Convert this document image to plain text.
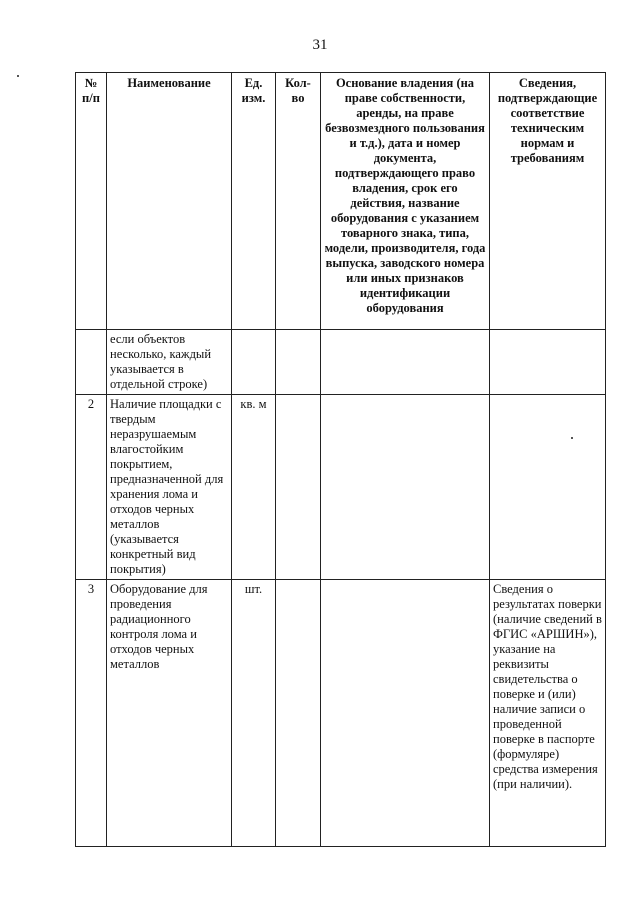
31
№ п/п	Наименование	Ед. изм.	Кол-во	Основание владения (на праве собственности, аренды, на праве безвозмездного пользования и т.д.), дата и номер документа, подтверждающего право владения, срок его действия, название оборудования с указанием товарного знака, типа, модели, производителя, года выпуска, заводского номера или иных признаков идентификации оборудования	Сведения, подтверждающие соответствие техническим нормам и требованиям
	если объектов несколько, каждый указывается в отдельной строке)				
2	Наличие площадки с твердым неразрушаемым влагостойким покрытием, предназначенной для хранения лома и отходов черных металлов (указывается конкретный вид покрытия)	кв. м			
3	Оборудование для проведения радиационного контроля лома и отходов черных металлов	шт.			Сведения о результатах поверки (наличие сведений в ФГИС «АРШИН»), указание на реквизиты свидетельства о поверке и (или) наличие записи о проведенной поверке в паспорте (формуляре) средства измерения (при наличии).
